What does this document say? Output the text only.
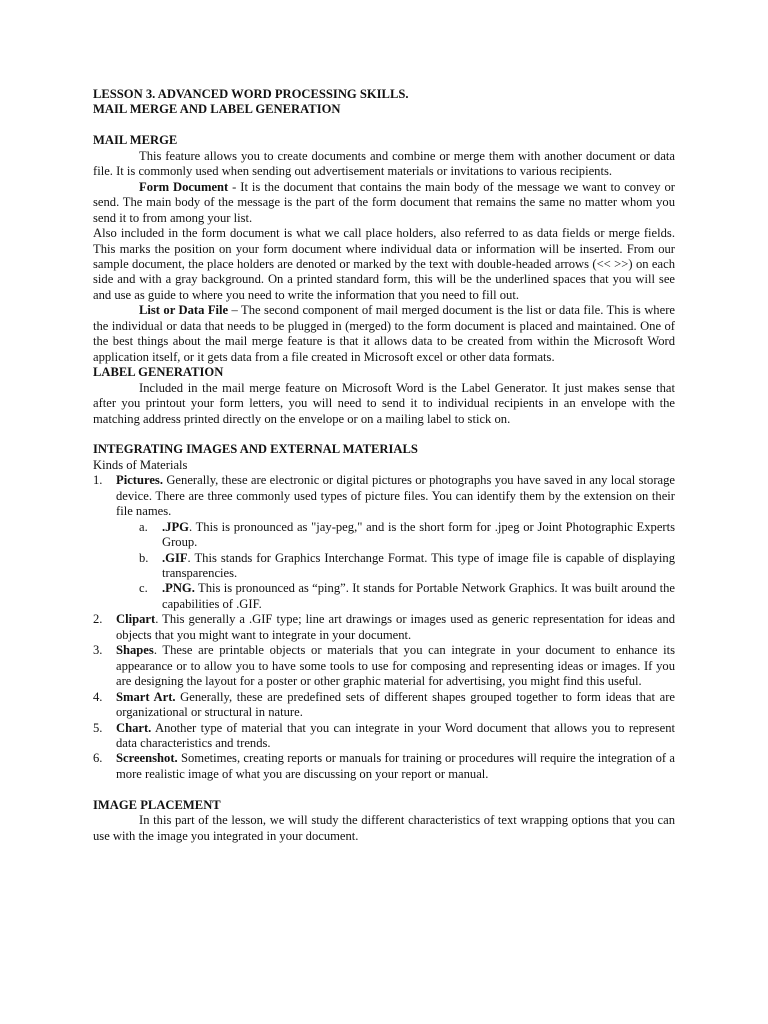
LESSON 3. ADVANCED WORD PROCESSING SKILLS.

MAIL MERGE AND LABEL GENERATION

MAIL MERGE

This feature allows you to create documents and combine or merge them with another document or data file. It is commonly used when sending out advertisement materials or invitations to various recipients.

Form Document - It is the document that contains the main body of the message we want to convey or send. The main body of the message is the part of the form document that remains the same no matter whom you send it to from among your list.

Also included in the form document is what we call place holders, also referred to as data fields or merge fields. This marks the position on your form document where individual data or information will be inserted. From our sample document, the place holders are denoted or marked by the text with double-headed arrows (<< >>) on each side and with a gray background. On a printed standard form, this will be the underlined spaces that you will see and use as guide to where you need to write the information that you need to fill out.

List or Data File – The second component of mail merged document is the list or data file. This is where the individual or data that needs to be plugged in (merged) to the form document is placed and maintained. One of the best things about the mail merge feature is that it allows data to be created from within the Microsoft Word application itself, or it gets data from a file created in Microsoft excel or other data formats.

LABEL GENERATION

Included in the mail merge feature on Microsoft Word is the Label Generator. It just makes sense that after you printout your form letters, you will need to send it to individual recipients in an envelope with the matching address printed directly on the envelope or on a mailing label to stick on.

INTEGRATING IMAGES AND EXTERNAL MATERIALS

Kinds of Materials

1. Pictures. Generally, these are electronic or digital pictures or photographs you have saved in any local storage device. There are three commonly used types of picture files. You can identify them by the extension on their file names.
a. .JPG. This is pronounced as "jay-peg," and is the short form for .jpeg or Joint Photographic Experts Group.
b. .GIF. This stands for Graphics Interchange Format. This type of image file is capable of displaying transparencies.
c. .PNG. This is pronounced as “ping”. It stands for Portable Network Graphics. It was built around the capabilities of .GIF.
2. Clipart. This generally a .GIF type; line art drawings or images used as generic representation for ideas and objects that you might want to integrate in your document.
3. Shapes. These are printable objects or materials that you can integrate in your document to enhance its appearance or to allow you to have some tools to use for composing and representing ideas or images. If you are designing the layout for a poster or other graphic material for advertising, you might find this useful.
4. Smart Art. Generally, these are predefined sets of different shapes grouped together to form ideas that are organizational or structural in nature.
5. Chart. Another type of material that you can integrate in your Word document that allows you to represent data characteristics and trends.
6. Screenshot. Sometimes, creating reports or manuals for training or procedures will require the integration of a more realistic image of what you are discussing on your report or manual.

IMAGE PLACEMENT

In this part of the lesson, we will study the different characteristics of text wrapping options that you can use with the image you integrated in your document.
